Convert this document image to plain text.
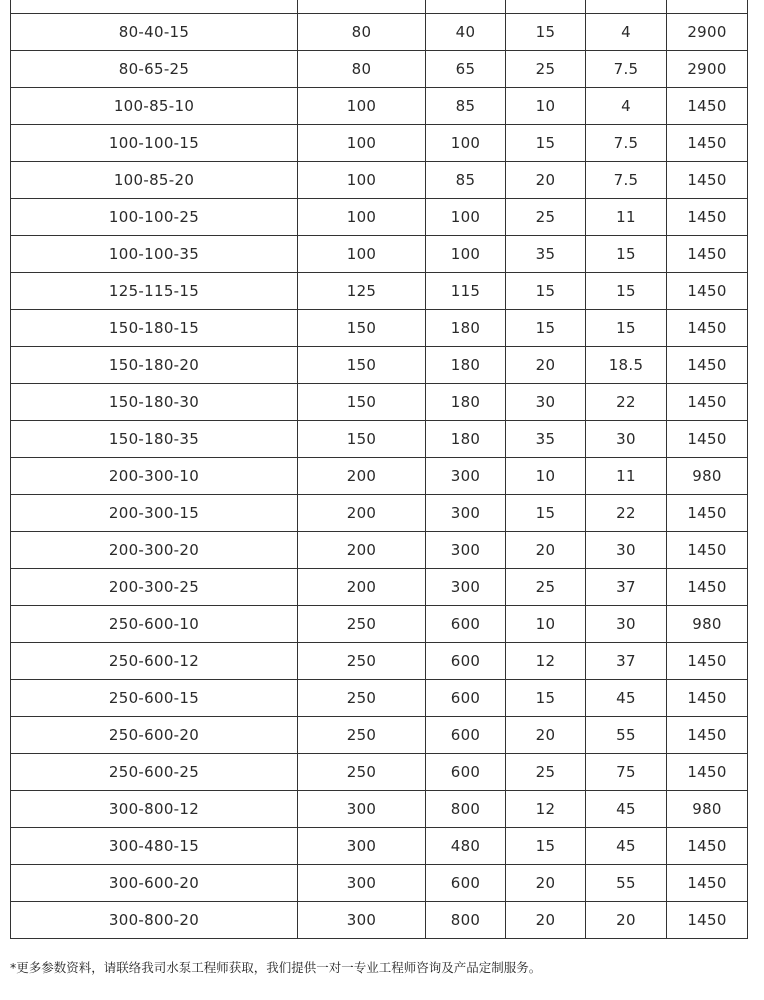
80-40-15	80	40	15	4	2900
80-65-25	80	65	25	7.5	2900
100-85-10	100	85	10	4	1450
100-100-15	100	100	15	7.5	1450
100-85-20	100	85	20	7.5	1450
100-100-25	100	100	25	11	1450
100-100-35	100	100	35	15	1450
125-115-15	125	115	15	15	1450
150-180-15	150	180	15	15	1450
150-180-20	150	180	20	18.5	1450
150-180-30	150	180	30	22	1450
150-180-35	150	180	35	30	1450
200-300-10	200	300	10	11	980
200-300-15	200	300	15	22	1450
200-300-20	200	300	20	30	1450
200-300-25	200	300	25	37	1450
250-600-10	250	600	10	30	980
250-600-12	250	600	12	37	1450
250-600-15	250	600	15	45	1450
250-600-20	250	600	20	55	1450
250-600-25	250	600	25	75	1450
300-800-12	300	800	12	45	980
300-480-15	300	480	15	45	1450
300-600-20	300	600	20	55	1450
300-800-20	300	800	20	20	1450
*更多参数资料，请联络我司水泵工程师获取，我们提供一对一专业工程师咨询及产品定制服务。
